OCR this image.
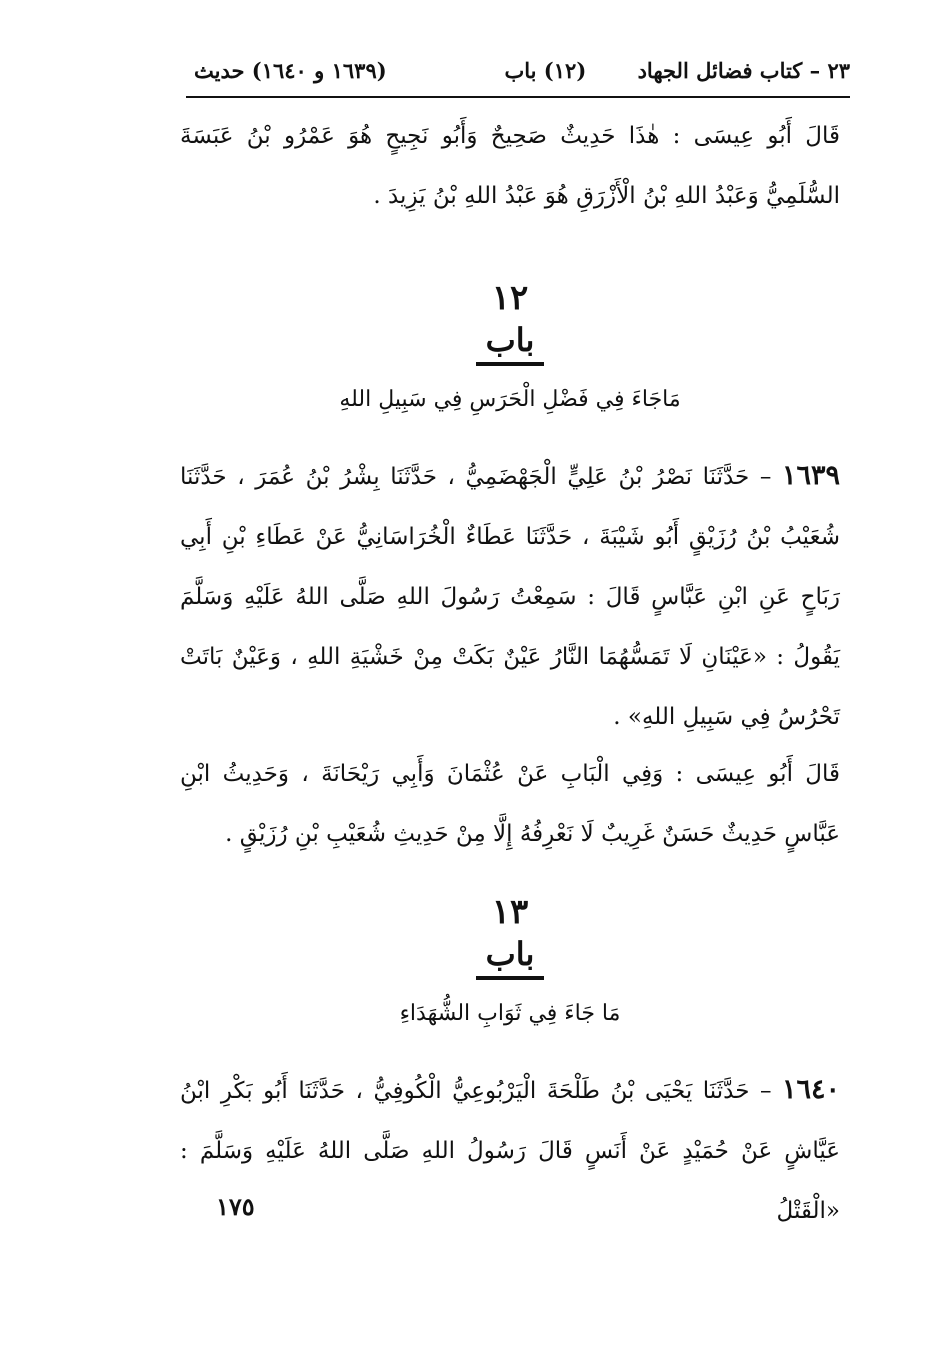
٢٣ – كتاب فضائل الجهاد (١٢) باب
(١٦٣٩ و ١٦٤٠) حديث

قَالَ أَبُو عِيسَى : هٰذَا حَدِيثٌ صَحِيحٌ وَأَبُو نَجِيحٍ هُوَ عَمْرُو بْنُ عَبَسَةَ السُّلَمِيُّ وَعَبْدُ اللهِ بْنُ الْأَزْرَقِ هُوَ عَبْدُ اللهِ بْنُ يَزِيدَ .

١٢
باب
مَاجَاءَ فِي فَضْلِ الْحَرَسِ فِي سَبِيلِ اللهِ

١٦٣٩ – حَدَّثَنَا نَصْرُ بْنُ عَلِيٍّ الْجَهْضَمِيُّ ، حَدَّثَنَا بِشْرُ بْنُ عُمَرَ ، حَدَّثَنَا شُعَيْبُ بْنُ رُزَيْقٍ أَبُو شَيْبَةَ ، حَدَّثَنَا عَطَاءٌ الْخُرَاسَانِيُّ عَنْ عَطَاءِ بْنِ أَبِي رَبَاحٍ عَنِ ابْنِ عَبَّاسٍ قَالَ : سَمِعْتُ رَسُولَ اللهِ صَلَّى اللهُ عَلَيْهِ وَسَلَّمَ يَقُولُ : «عَيْنَانِ لَا تَمَسُّهُمَا النَّارُ عَيْنٌ بَكَتْ مِنْ خَشْيَةِ اللهِ ، وَعَيْنٌ بَاتَتْ تَحْرُسُ فِي سَبِيلِ اللهِ» .

قَالَ أَبُو عِيسَى : وَفِي الْبَابِ عَنْ عُثْمَانَ وَأَبِي رَيْحَانَةَ ، وَحَدِيثُ ابْنِ عَبَّاسٍ حَدِيثٌ حَسَنٌ غَرِيبٌ لَا نَعْرِفُهُ إِلَّا مِنْ حَدِيثِ شُعَيْبِ بْنِ رُزَيْقٍ .

١٣
باب
مَا جَاءَ فِي ثَوَابِ الشُّهَدَاءِ

١٦٤٠ – حَدَّثَنَا يَحْيَى بْنُ طَلْحَةَ الْيَرْبُوعِيُّ الْكُوفِيُّ ، حَدَّثَنَا أَبُو بَكْرِ ابْنُ عَيَّاشٍ عَنْ حُمَيْدٍ عَنْ أَنَسٍ قَالَ رَسُولُ اللهِ صَلَّى اللهُ عَلَيْهِ وَسَلَّمَ : «الْقَتْلُ

١٧٥
